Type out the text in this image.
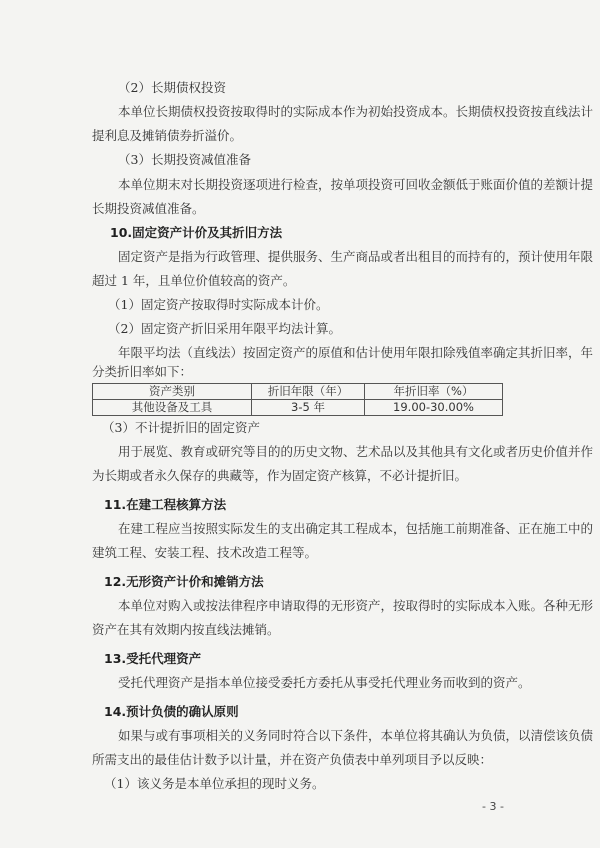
（2）长期债权投资
本单位长期债权投资按取得时的实际成本作为初始投资成本。长期债权投资按直线法计
提利息及摊销债券折溢价。
（3）长期投资减值准备
本单位期末对长期投资逐项进行检查，按单项投资可回收金额低于账面价值的差额计提
长期投资减值准备。
10.固定资产计价及其折旧方法
固定资产是指为行政管理、提供服务、生产商品或者出租目的而持有的，预计使用年限
超过 1 年，且单位价值较高的资产。
（1）固定资产按取得时实际成本计价。
（2）固定资产折旧采用年限平均法计算。
年限平均法（直线法）按固定资产的原值和估计使用年限扣除残值率确定其折旧率，年
分类折旧率如下：
资产类别	折旧年限（年）	年折旧率（%）
其他设备及工具	3-5 年	19.00-30.00%
（3）不计提折旧的固定资产
用于展览、教育或研究等目的的历史文物、艺术品以及其他具有文化或者历史价值并作
为长期或者永久保存的典藏等，作为固定资产核算，不必计提折旧。
11.在建工程核算方法
在建工程应当按照实际发生的支出确定其工程成本，包括施工前期准备、正在施工中的
建筑工程、安装工程、技术改造工程等。
12.无形资产计价和摊销方法
本单位对购入或按法律程序申请取得的无形资产，按取得时的实际成本入账。各种无形
资产在其有效期内按直线法摊销。
13.受托代理资产
受托代理资产是指本单位接受委托方委托从事受托代理业务而收到的资产。
14.预计负债的确认原则
如果与或有事项相关的义务同时符合以下条件，本单位将其确认为负债，以清偿该负债
所需支出的最佳估计数予以计量，并在资产负债表中单列项目予以反映：
（1）该义务是本单位承担的现时义务。
- 3 -
